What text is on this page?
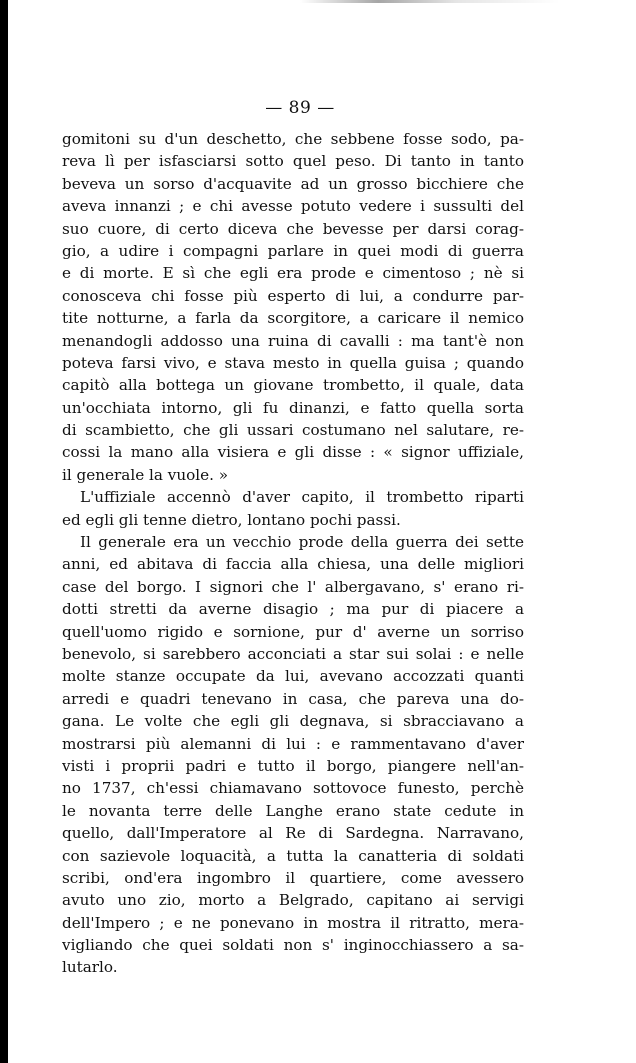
— 89 —
gomitoni su d'un deschetto, che sebbene fosse sodo, pa-
reva lì per isfasciarsi sotto quel peso. Di tanto in tanto
beveva un sorso d'acquavite ad un grosso bicchiere che
aveva innanzi ; e chi avesse potuto vedere i sussulti del
suo cuore, di certo diceva che bevesse per darsi corag-
gio, a udire i compagni parlare in quei modi di guerra
e di morte. E sì che egli era prode e cimentoso ; nè si
conosceva chi fosse più esperto di lui, a condurre par-
tite notturne, a farla da scorgitore, a caricare il nemico
menandogli addosso una ruina di cavalli : ma tant'è non
poteva farsi vivo, e stava mesto in quella guisa ; quando
capitò alla bottega un giovane trombetto, il quale, data
un'occhiata intorno, gli fu dinanzi, e fatto quella sorta
di scambietto, che gli ussari costumano nel salutare, re-
cossi la mano alla visiera e gli disse : « signor uffiziale,
il generale la vuole. »
L'uffiziale accennò d'aver capito, il trombetto riparti
ed egli gli tenne dietro, lontano pochi passi.
Il generale era un vecchio prode della guerra dei sette
anni, ed abitava di faccia alla chiesa, una delle migliori
case del borgo. I signori che l' albergavano, s' erano ri-
dotti stretti da averne disagio ; ma pur di piacere a
quell'uomo rigido e sornione, pur d' averne un sorriso
benevolo, si sarebbero acconciati a star sui solai : e nelle
molte stanze occupate da lui, avevano accozzati quanti
arredi e quadri tenevano in casa, che pareva una do-
gana. Le volte che egli gli degnava, si sbracciavano a
mostrarsi più alemanni di lui : e rammentavano d'aver
visti i proprii padri e tutto il borgo, piangere nell'an-
no 1737, ch'essi chiamavano sottovoce funesto, perchè
le novanta terre delle Langhe erano state cedute in
quello, dall'Imperatore al Re di Sardegna. Narravano,
con sazievole loquacità, a tutta la canatteria di soldati
scribi, ond'era ingombro il quartiere, come avessero
avuto uno zio, morto a Belgrado, capitano ai servigi
dell'Impero ; e ne ponevano in mostra il ritratto, mera-
vigliando che quei soldati non s' inginocchiassero a sa-
lutarlo.
